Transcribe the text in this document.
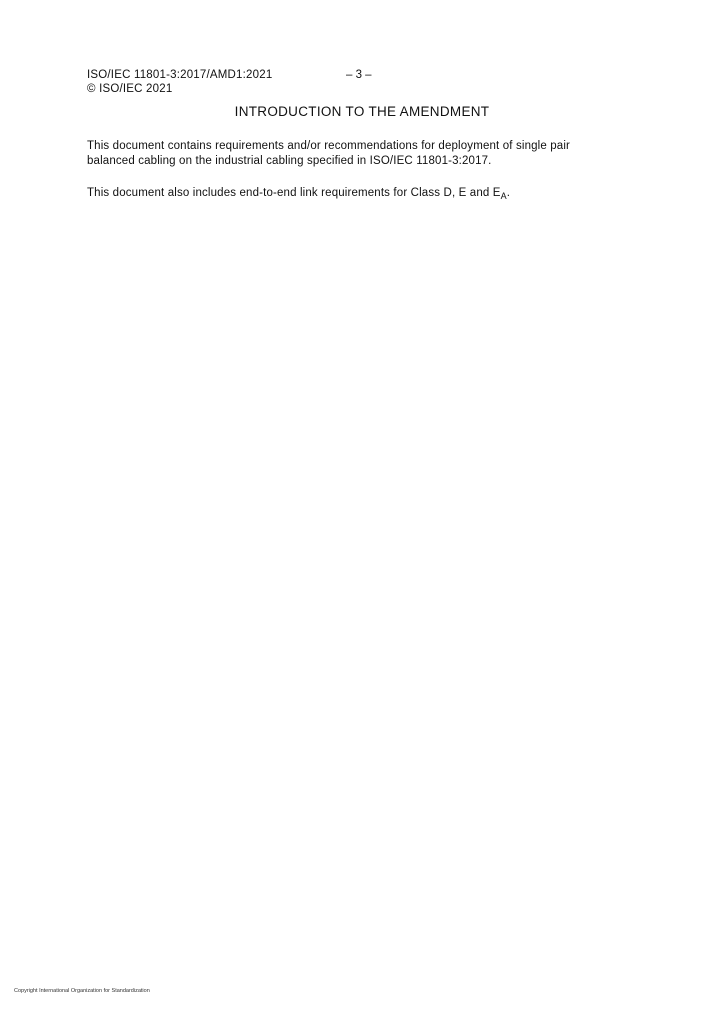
ISO/IEC 11801-3:2017/AMD1:2021	– 3 –
© ISO/IEC 2021
INTRODUCTION TO THE AMENDMENT

This document contains requirements and/or recommendations for deployment of single pair
balanced cabling on the industrial cabling specified in ISO/IEC 11801-3:2017.

This document also includes end-to-end link requirements for Class D, E and $E_A$.

Copyright International Organization for Standardization
